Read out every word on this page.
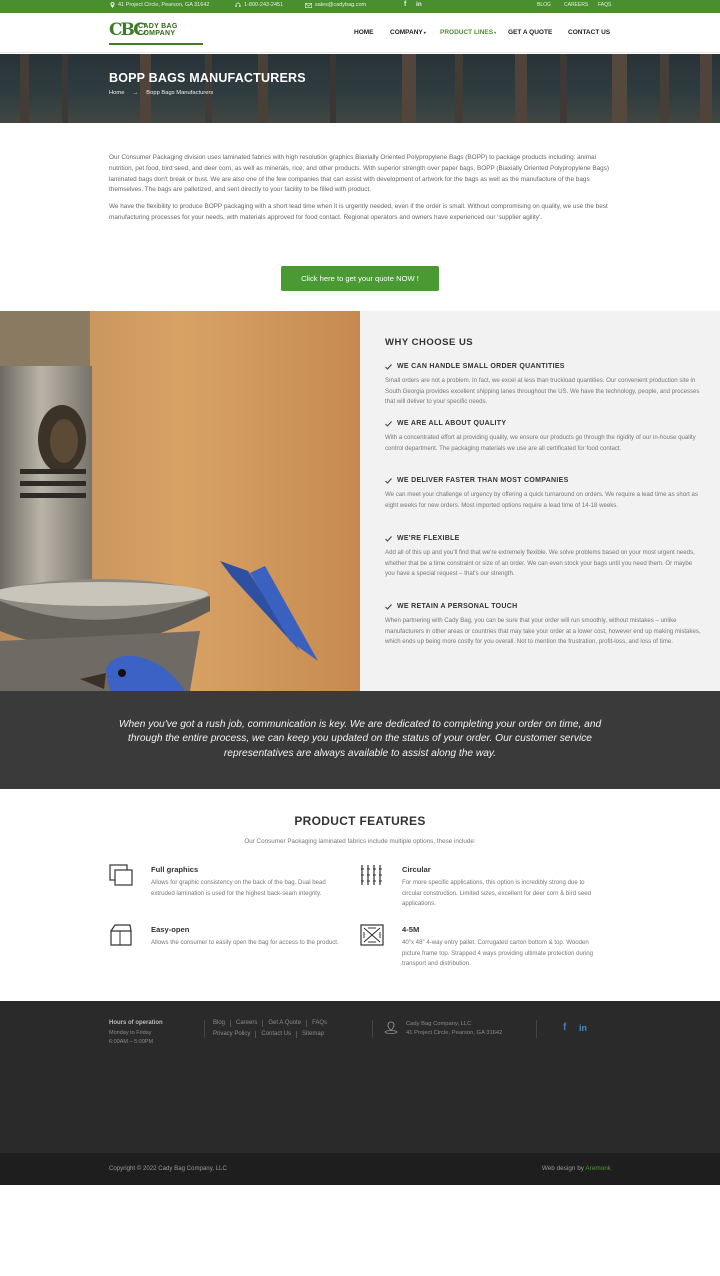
41 Project Circle, Pearson, GA 31642	1-800-243-2451	sales@cadybag.com	f in	BLOG	CAREERS FAQS
CBC
CADY BAG
COMPANY	HOME	COMPANY ▾ PRODUCT LINES ▾ GET A QUOTE CONTACT US
BOPP BAGS MANUFACTURERS
Home → Bopp Bags Manufacturers

Our Consumer Packaging division uses laminated fabrics with high resolution graphics Biaxially Oriented Polypropylene Bags (BOPP) to package products including: animal nutrition, pet food, bird seed, and deer corn, as well as minerals, rice, and other products. With superior strength over paper bags, BOPP (Biaxially Oriented Polypropylene Bags) laminated bags don't break or bust. We are also one of the few companies that can assist with development of artwork for the bags as well as the manufacture of the bags themselves. The bags are palletized, and sent directly to your facility to be filled with product.

We have the flexibility to produce BOPP packaging with a short lead time when it is urgently needed, even if the order is small. Without compromising on quality, we use the best manufacturing processes for your needs, with materials approved for food contact. Regional operators and owners have experienced our 'supplier agility'.

Click here to get your quote NOW !
WHY CHOOSE US
WE CAN HANDLE SMALL ORDER QUANTITIES

Small orders are not a problem. In fact, we excel at less than truckload quantities. Our convenient production site in South Georgia provides excellent shipping lanes throughout the US. We have the technology, people, and processes that will deliver to your specific needs.

WE ARE ALL ABOUT QUALITY

With a concentrated effort at providing quality, we ensure our products go through the rigidity of our in-house quality control department. The packaging materials we use are all certificated for food contact.

WE DELIVER FASTER THAN MOST COMPANIES

We can meet your challenge of urgency by offering a quick turnaround on orders. We require a lead time as short as eight weeks for new orders. Most imported options require a lead time of 14-18 weeks.

WE'RE FLEXIBLE

Add all of this up and you'll find that we're extremely flexible. We solve problems based on your most urgent needs, whether that be a time constraint or size of an order. We can even stock your bags until you need them. Or maybe you have a special request – that's our strength.

WE RETAIN A PERSONAL TOUCH

When partnering with Cady Bag, you can be sure that your order will run smoothly, without mistakes – unlike manufacturers in other areas or countries that may take your order at a lower cost, however end up making mistakes, which ends up being more costly for you overall. Not to mention the frustration, profit-loss, and loss of time.

When you've got a rush job, communication is key. We are dedicated to completing your order on time, and through the entire process, we can keep you updated on the status of your order. Our customer service representatives are always available to assist along the way.

PRODUCT FEATURES
Our Consumer Packaging laminated fabrics include multiple options, these include:
Full graphics

Allows for graphic consistency on the back of the bag. Dual bead extruded lamination is used for the highest back-seam integrity.

Circular

For more specific applications, this option is incredibly strong due to circular construction. Limited sizes, excellent for deer corn & bird seed applications.

Easy-open

Allows the consumer to easily open the bag for access to the product.

4-5M

40"x 48" 4-way entry pallet. Corrugated carton bottom & top. Wooden picture frame top. Strapped 4 ways providing ultimate protection during transport and distribution.

Hours of operation
Monday to Friday
6:00AM – 5:00PM
Blog	Careers	Get A Quote	FAQs
Privacy Policy	Contact Us	Sitemap
Cady Bag Company, LLC
41 Project Circle, Pearson, GA 31642	f in
Copyright © 2022 Cady Bag Company, LLC	Web design by Aremonk
